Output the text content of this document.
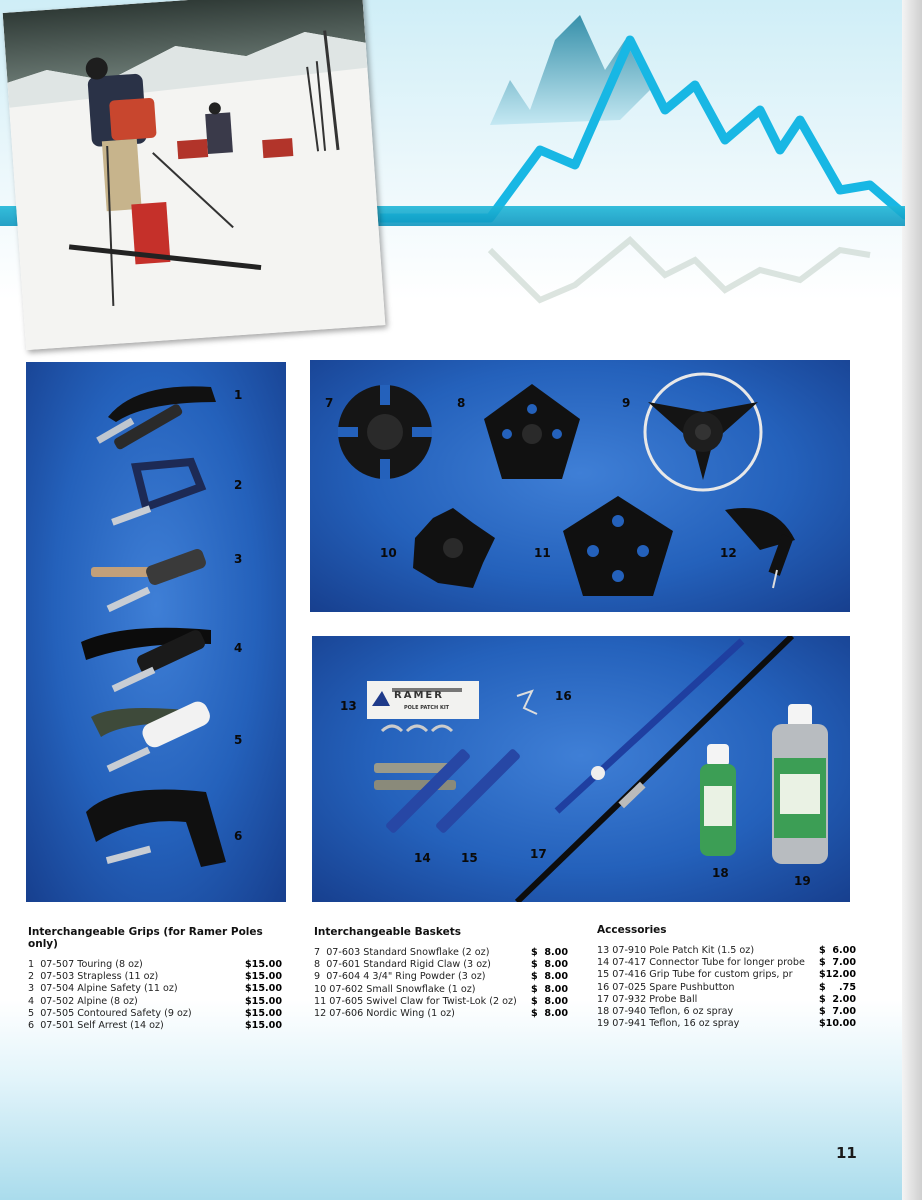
1
2
3
4
5
6
7	8	9
10	11	12
RAMER
POLE PATCH KIT
13
14	15
16
17
18
19
Interchangeable Grips (for Ramer Poles only)
1  07-507 Touring (8 oz)	$15.00
2  07-503 Strapless (11 oz)	$15.00
3  07-504 Alpine Safety (11 oz)	$15.00
4  07-502 Alpine (8 oz)	$15.00
5  07-505 Contoured Safety (9 oz)	$15.00
6  07-501 Self Arrest (14 oz)	$15.00
Interchangeable Baskets
7  07-603 Standard Snowflake (2 oz)	$  8.00
8  07-601 Standard Rigid Claw (3 oz)	$  8.00
9  07-604 4 3/4" Ring Powder (3 oz)	$  8.00
10 07-602 Small Snowflake (1 oz)	$  8.00
11 07-605 Swivel Claw for Twist-Lok (2 oz) $  8.00
12 07-606 Nordic Wing (1 oz)	$  8.00
Accessories
13 07-910 Pole Patch Kit (1.5 oz)	$  6.00
14 07-417 Connector Tube for longer probe $  7.00
15 07-416 Grip Tube for custom grips, pr	$12.00
16 07-025 Spare Pushbutton	$    .75
17 07-932 Probe Ball	$  2.00
18 07-940 Teflon, 6 oz spray	$  7.00
19 07-941 Teflon, 16 oz spray	$10.00
11
